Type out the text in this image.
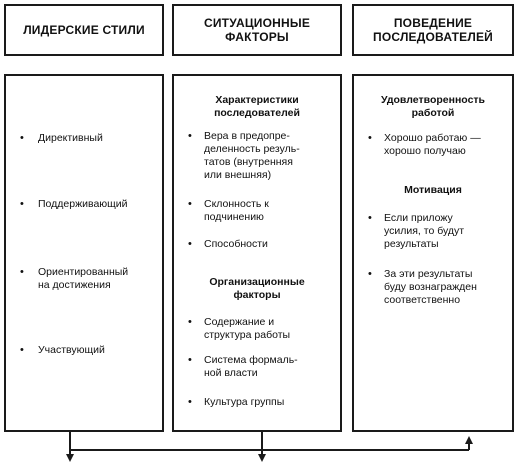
ЛИДЕРСКИЕ СТИЛИ	СИТУАЦИОННЫЕ
ФАКТОРЫ
ПОВЕДЕНИЕ
ПОСЛЕДОВАТЕЛЕЙ
• Директивный
• Поддерживающий
• Ориентированный
на достижения
• Участвующий
Характеристики
последователей
• Вера в предопре-
деленность резуль-
татов (внутренняя
или внешняя)
• Склонность к
подчинению
• Способности
Организационные
факторы
• Содержание и
структура работы
• Система формаль-
ной власти
• Культура группы
Удовлетворенность
работой
• Хорошо работаю —
хорошо получаю
Мотивация
• Если приложу
усилия, то будут
результаты
• За эти результаты
буду вознагражден
соответственно
